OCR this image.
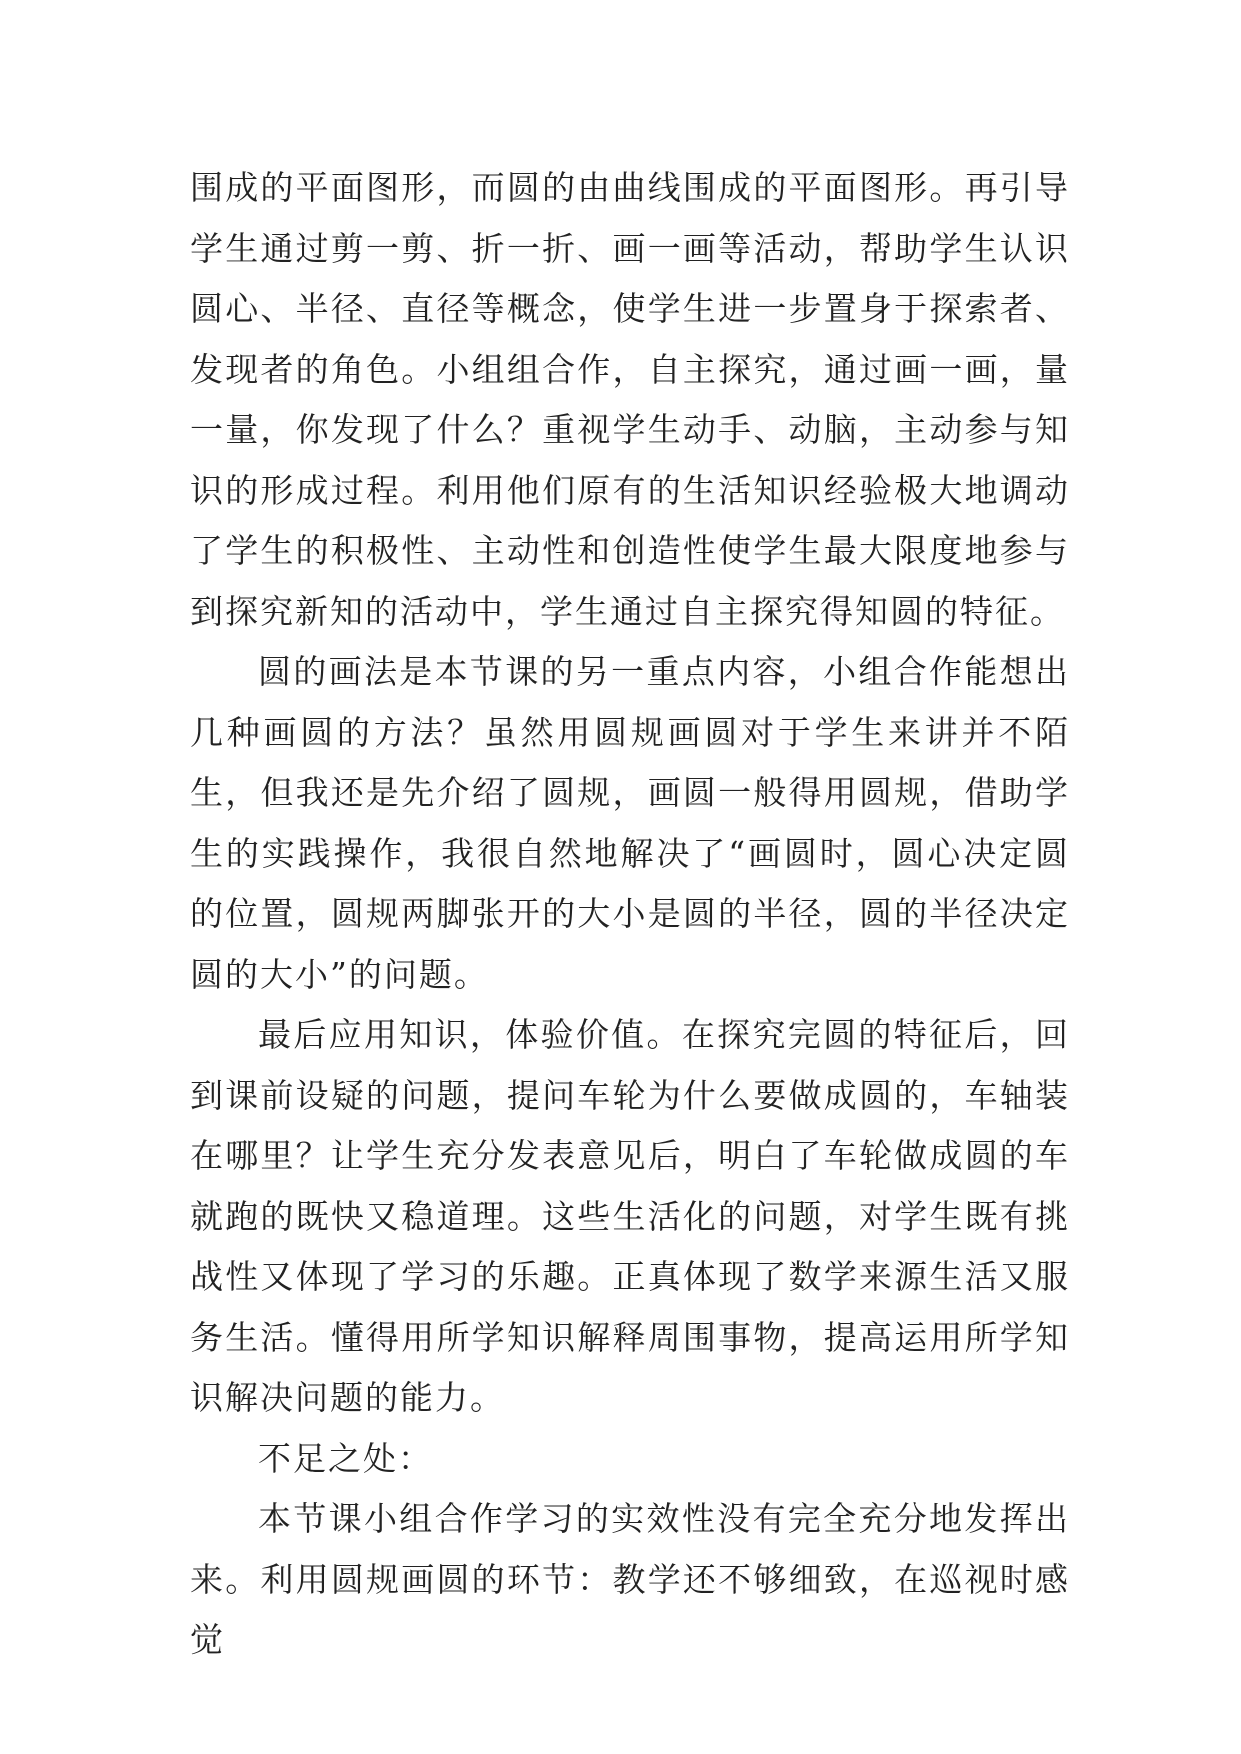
围成的平面图形，而圆的由曲线围成的平面图形。再引导学生通过剪一剪、折一折、画一画等活动，帮助学生认识圆心、半径、直径等概念，使学生进一步置身于探索者、发现者的角色。小组组合作，自主探究，通过画一画，量一量，你发现了什么？重视学生动手、动脑，主动参与知识的形成过程。利用他们原有的生活知识经验极大地调动了学生的积极性、主动性和创造性使学生最大限度地参与到探究新知的活动中，学生通过自主探究得知圆的特征。

圆的画法是本节课的另一重点内容，小组合作能想出几种画圆的方法？虽然用圆规画圆对于学生来讲并不陌生，但我还是先介绍了圆规，画圆一般得用圆规，借助学生的实践操作，我很自然地解决了“画圆时，圆心决定圆的位置，圆规两脚张开的大小是圆的半径，圆的半径决定圆的大小”的问题。

最后应用知识，体验价值。在探究完圆的特征后，回到课前设疑的问题，提问车轮为什么要做成圆的，车轴装在哪里？让学生充分发表意见后，明白了车轮做成圆的车就跑的既快又稳道理。这些生活化的问题，对学生既有挑战性又体现了学习的乐趣。正真体现了数学来源生活又服务生活。懂得用所学知识解释周围事物，提高运用所学知识解决问题的能力。

不足之处：

本节课小组合作学习的实效性没有完全充分地发挥出来。利用圆规画圆的环节：教学还不够细致，在巡视时感觉
